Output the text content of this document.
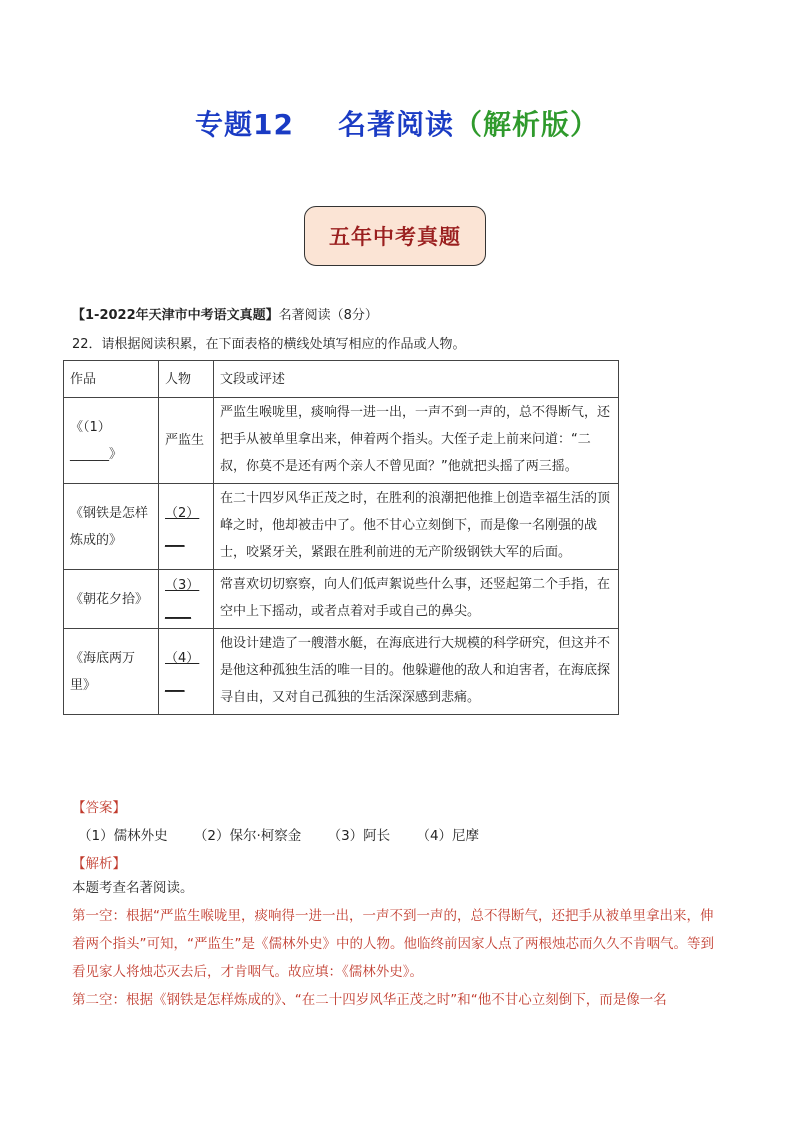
专题12 名著阅读（解析版）
五年中考真题
【1-2022年天津市中考语文真题】名著阅读（8分）
22．请根据阅读积累，在下面表格的横线处填写相应的作品或人物。
作品	人物	文段或评述
《（1）______》	严监生	严监生喉咙里，痰响得一进一出，一声不到一声的，总不得断气，还把手从被单里拿出来，伸着两个指头。大侄子走上前来问道：“二叔，你莫不是还有两个亲人不曾见面？”他就把头摇了两三摇。
《钢铁是怎样炼成的》	（2）___	在二十四岁风华正茂之时，在胜利的浪潮把他推上创造幸福生活的顶峰之时，他却被击中了。他不甘心立刻倒下，而是像一名刚强的战士，咬紧牙关，紧跟在胜利前进的无产阶级钢铁大军的后面。
《朝花夕拾》	（3）____	常喜欢切切察察，向人们低声絮说些什么事，还竖起第二个手指，在空中上下摇动，或者点着对手或自己的鼻尖。
《海底两万里》	（4）___	他设计建造了一艘潜水艇，在海底进行大规模的科学研究，但这并不是他这种孤独生活的唯一目的。他躲避他的敌人和迫害者，在海底探寻自由，又对自己孤独的生活深深感到悲痛。
【答案】
（1）儒林外史 （2）保尔·柯察金 （3）阿长 （4）尼摩
【解析】
本题考查名著阅读。
第一空：根据“严监生喉咙里，痰响得一进一出，一声不到一声的，总不得断气，还把手从被单里拿出来，伸着两个指头”可知，“严监生”是《儒林外史》中的人物。他临终前因家人点了两根烛芯而久久不肯咽气。等到看见家人将烛芯灭去后，才肯咽气。故应填：《儒林外史》。
第二空：根据《钢铁是怎样炼成的》、“在二十四岁风华正茂之时”和“他不甘心立刻倒下，而是像一名
